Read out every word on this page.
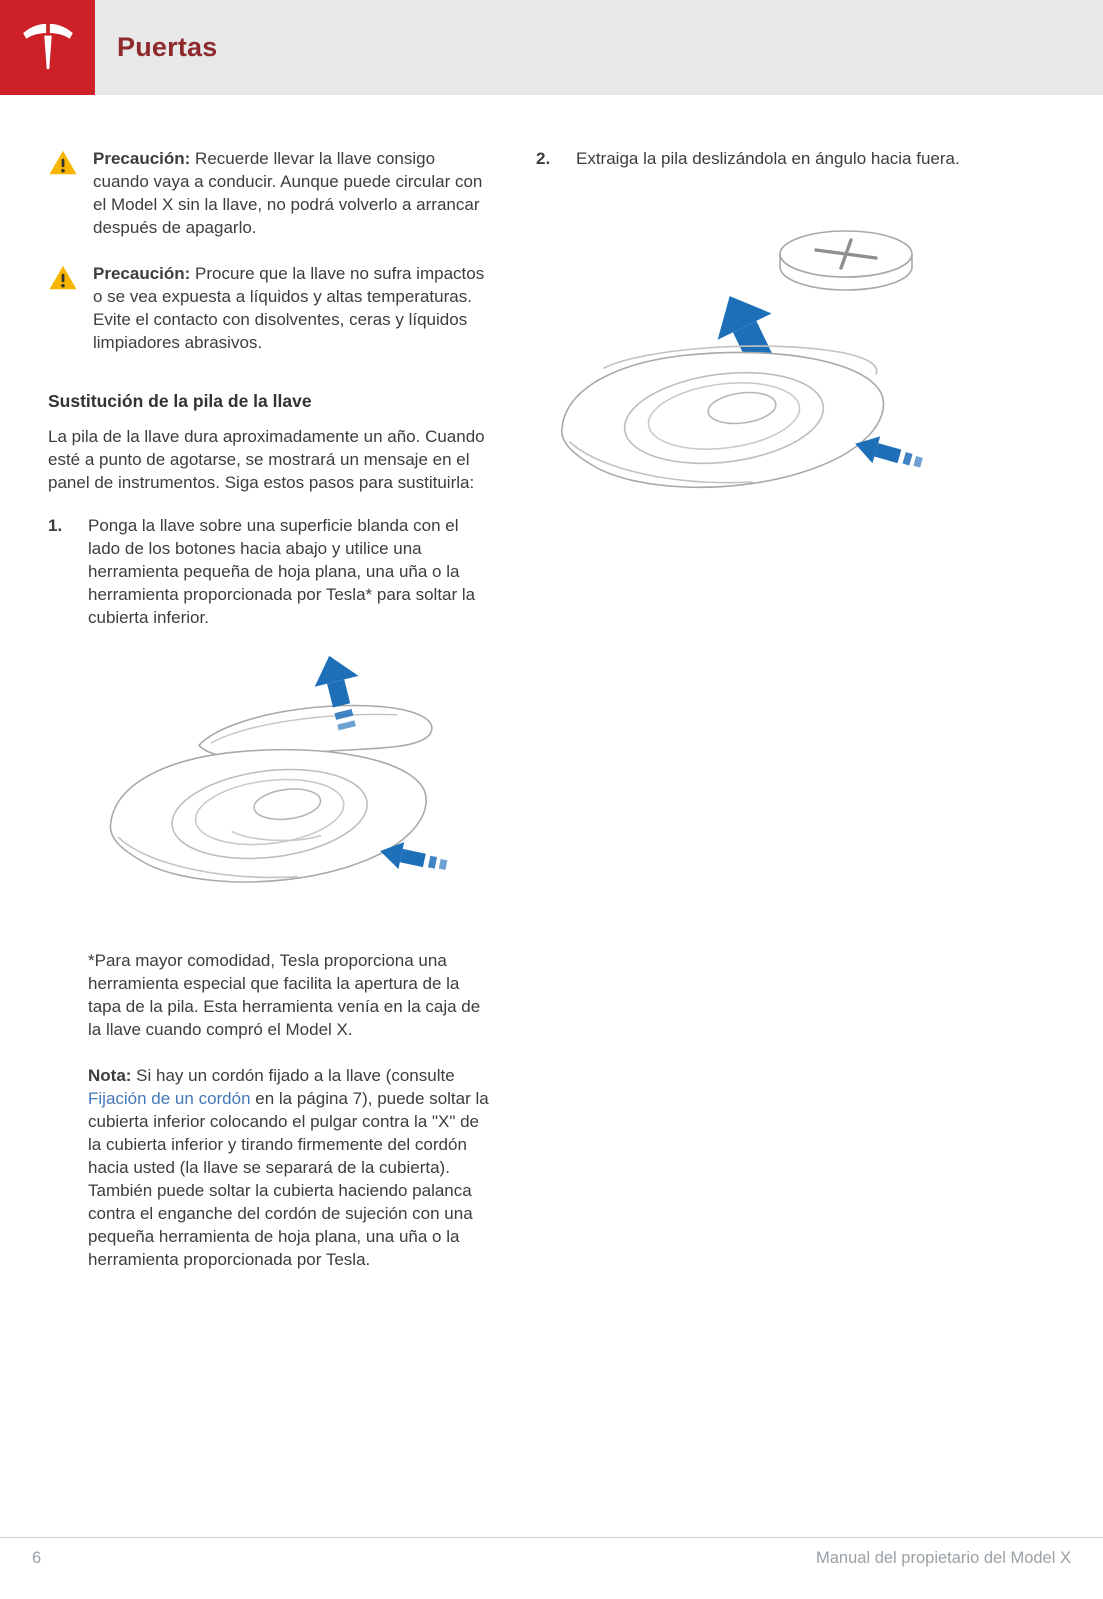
Puertas

Precaución: Recuerde llevar la llave consigo cuando vaya a conducir. Aunque puede circular con el Model X sin la llave, no podrá volverlo a arrancar después de apagarlo.

Precaución: Procure que la llave no sufra impactos o se vea expuesta a líquidos y altas temperaturas. Evite el contacto con disolventes, ceras y líquidos limpiadores abrasivos.

Sustitución de la pila de la llave

La pila de la llave dura aproximadamente un año. Cuando esté a punto de agotarse, se mostrará un mensaje en el panel de instrumentos. Siga estos pasos para sustituirla:

1.	Ponga la llave sobre una superficie blanda con el lado de los botones hacia abajo y utilice una herramienta pequeña de hoja plana, una uña o la herramienta proporcionada por Tesla* para soltar la cubierta inferior.

*Para mayor comodidad, Tesla proporciona una herramienta especial que facilita la apertura de la tapa de la pila. Esta herramienta venía en la caja de la llave cuando compró el Model X.

Nota: Si hay un cordón fijado a la llave (consulte Fijación de un cordón en la página 7), puede soltar la cubierta inferior colocando el pulgar contra la "X" de la cubierta inferior y tirando firmemente del cordón hacia usted (la llave se separará de la cubierta). También puede soltar la cubierta haciendo palanca contra el enganche del cordón de sujeción con una pequeña herramienta de hoja plana, una uña o la herramienta proporcionada por Tesla.

2.	Extraiga la pila deslizándola en ángulo hacia fuera.

6	Manual del propietario del Model X
